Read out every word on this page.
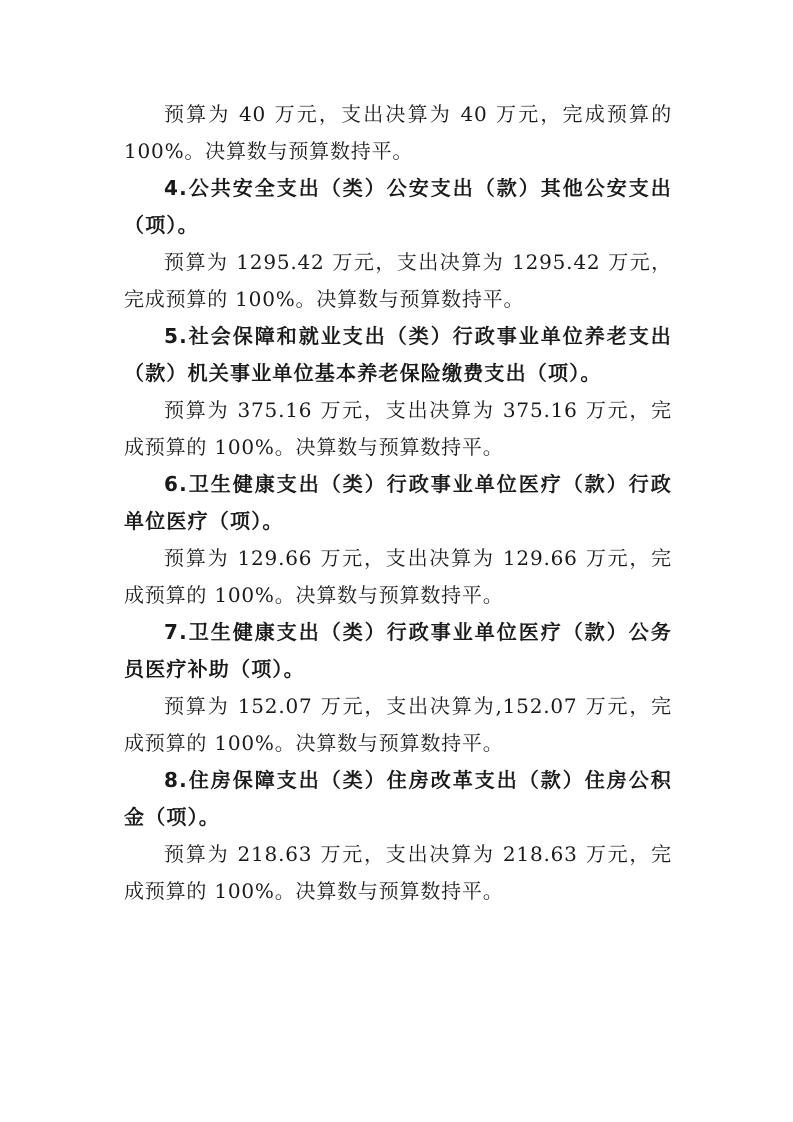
预算为 40 万元，支出决算为 40 万元，完成预算的 100%。决算数与预算数持平。

4.公共安全支出（类）公安支出（款）其他公安支出（项）。

预算为 1295.42 万元，支出决算为 1295.42 万元，完成预算的 100%。决算数与预算数持平。

5.社会保障和就业支出（类）行政事业单位养老支出（款）机关事业单位基本养老保险缴费支出（项）。

预算为 375.16 万元，支出决算为 375.16 万元，完成预算的 100%。决算数与预算数持平。

6.卫生健康支出（类）行政事业单位医疗（款）行政单位医疗（项）。

预算为 129.66 万元，支出决算为 129.66 万元，完成预算的 100%。决算数与预算数持平。

7.卫生健康支出（类）行政事业单位医疗（款）公务员医疗补助（项）。

预算为 152.07 万元，支出决算为,152.07 万元，完成预算的 100%。决算数与预算数持平。

8.住房保障支出（类）住房改革支出（款）住房公积金（项）。

预算为 218.63 万元，支出决算为 218.63 万元，完成预算的 100%。决算数与预算数持平。
